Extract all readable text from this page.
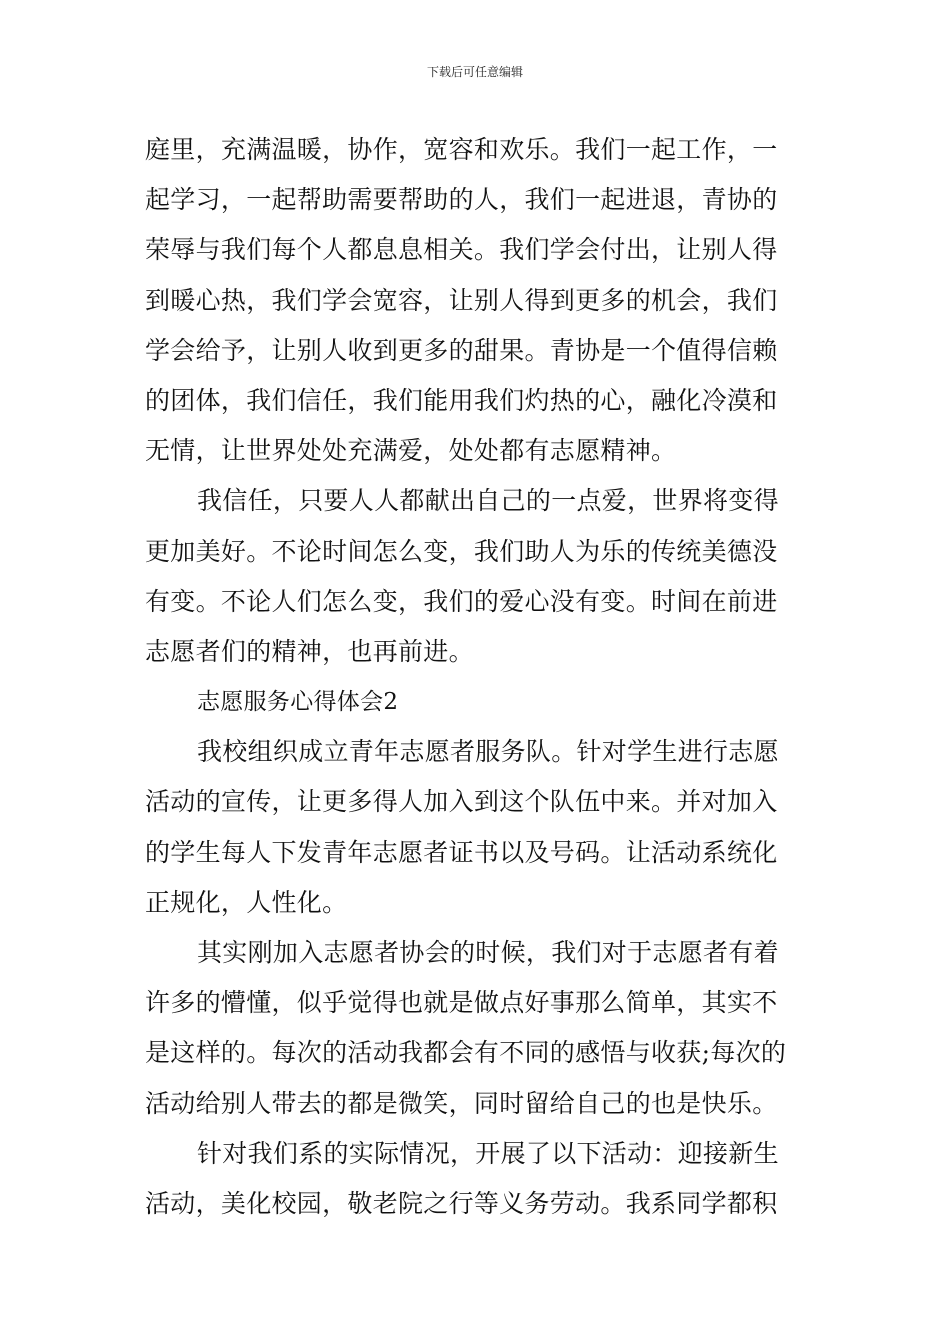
下载后可任意编辑
庭里，充满温暖，协作，宽容和欢乐。我们一起工作，一
起学习，一起帮助需要帮助的人，我们一起进退，青协的
荣辱与我们每个人都息息相关。我们学会付出，让别人得
到暖心热，我们学会宽容，让别人得到更多的机会，我们
学会给予，让别人收到更多的甜果。青协是一个值得信赖
的团体，我们信任，我们能用我们灼热的心，融化冷漠和
无情，让世界处处充满爱，处处都有志愿精神。
我信任，只要人人都献出自己的一点爱，世界将变得
更加美好。不论时间怎么变，我们助人为乐的传统美德没
有变。不论人们怎么变，我们的爱心没有变。时间在前进
志愿者们的精神，也再前进。
志愿服务心得体会2
我校组织成立青年志愿者服务队。针对学生进行志愿
活动的宣传，让更多得人加入到这个队伍中来。并对加入
的学生每人下发青年志愿者证书以及号码。让活动系统化
正规化，人性化。
其实刚加入志愿者协会的时候，我们对于志愿者有着
许多的懵懂，似乎觉得也就是做点好事那么简单，其实不
是这样的。每次的活动我都会有不同的感悟与收获;每次的
活动给别人带去的都是微笑，同时留给自己的也是快乐。
针对我们系的实际情况，开展了以下活动：迎接新生
活动，美化校园，敬老院之行等义务劳动。我系同学都积
